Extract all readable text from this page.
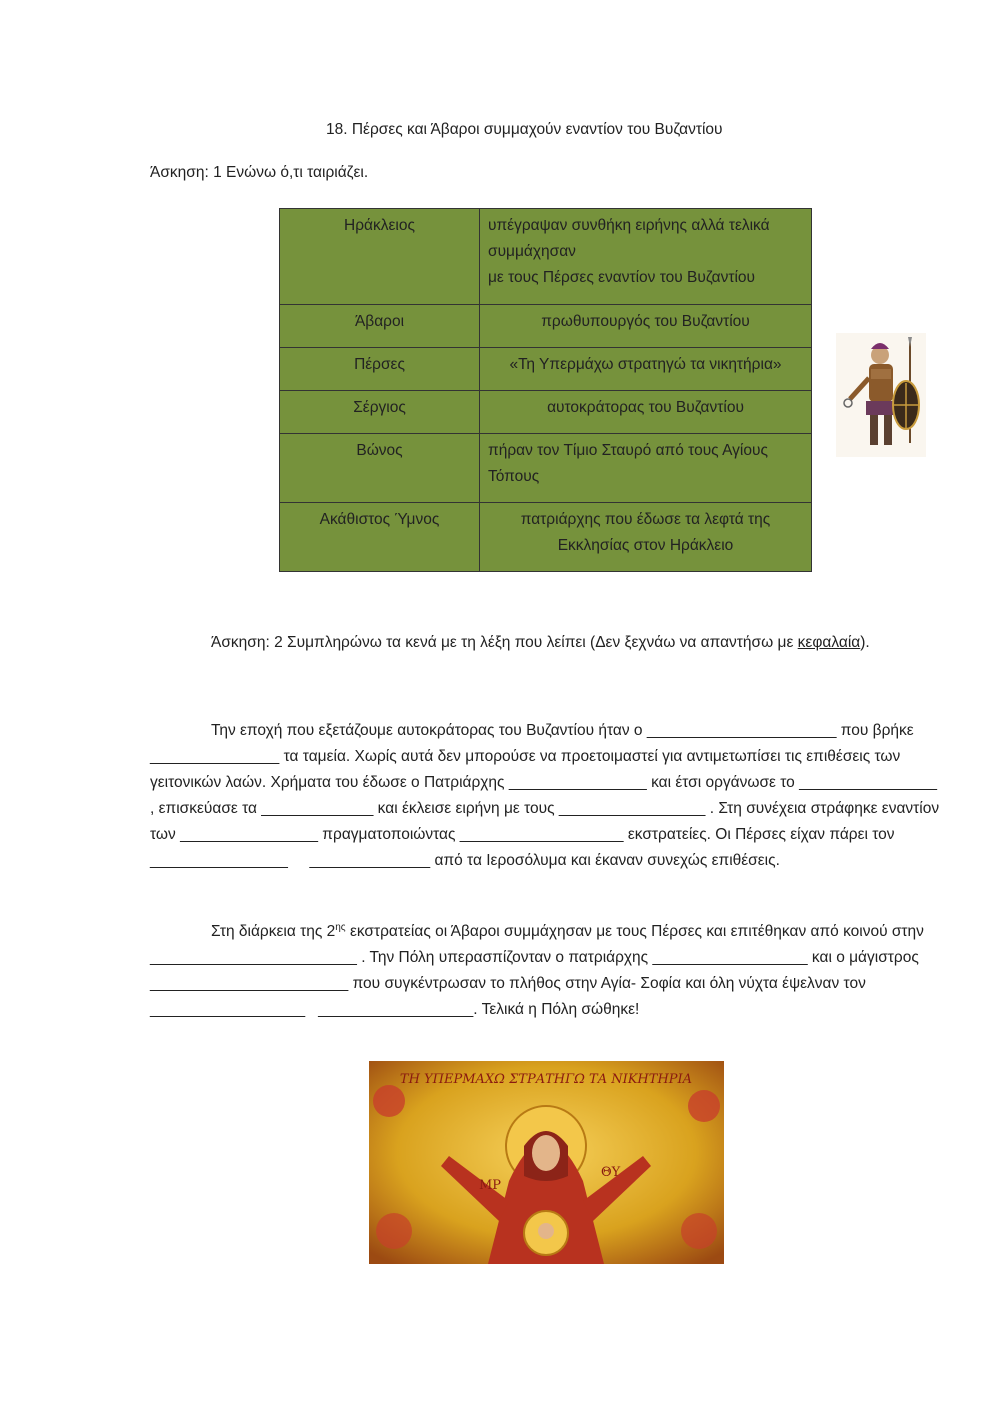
18. Πέρσες και Άβαροι συμμαχούν εναντίον του Βυζαντίου
Άσκηση: 1 Ενώνω ό,τι ταιριάζει.
Ηράκλειος	υπέγραψαν συνθήκη ειρήνης αλλά τελικά συμμάχησαν
με τους Πέρσες εναντίον του Βυζαντίου

Άβαροι	πρωθυπουργός του Βυζαντίου
Πέρσες	«Τη Υπερμάχω στρατηγώ τα νικητήρια»
Σέργιος	αυτοκράτορας του Βυζαντίου
Βώνος	πήραν τον Τίμιο Σταυρό από τους Αγίους Τόπους
Ακάθιστος Ύμνος	πατριάρχης που έδωσε τα λεφτά της Εκκλησίας στον Ηράκλειο
Άσκηση: 2 Συμπληρώνω τα κενά με τη λέξη που λείπει (Δεν ξεχνάω να απαντήσω με κεφαλαία).
Την εποχή που εξετάζουμε αυτοκράτορας του Βυζαντίου ήταν ο ______________________ που βρήκε _______________ τα ταμεία. Χωρίς αυτά δεν μπορούσε να προετοιμαστεί για αντιμετωπίσει τις επιθέσεις των γειτονικών λαών. Χρήματα του έδωσε ο Πατριάρχης ________________ και έτσι οργάνωσε το ________________ , επισκεύασε τα _____________ και έκλεισε ειρήνη με τους _________________ . Στη συνέχεια στράφηκε εναντίον των ________________ πραγματοποιώντας ___________________ εκστρατείες. Οι Πέρσες είχαν πάρει τον ________________ ______________ από τα Ιεροσόλυμα και έκαναν συνεχώς επιθέσεις.
Στη διάρκεια της $2^{\eta\varsigma}$ εκστρατείας οι Άβαροι συμμάχησαν με τους Πέρσες και επιτέθηκαν από κοινού στην ________________________ . Την Πόλη υπερασπίζονταν ο πατριάρχης __________________ και ο μάγιστρος _______________________ που συγκέντρωσαν το πλήθος στην Αγία- Σοφία και όλη νύχτα έψελναν τον __________________ __________________. Τελικά η Πόλη σώθηκε!
ΤΗ ΥΠΕΡΜΑΧΩ ΣΤΡΑΤΗΓΩ ΤΑ ΝΙΚΗΤΗΡΙΑ
ΜΡ
ΘΥ
